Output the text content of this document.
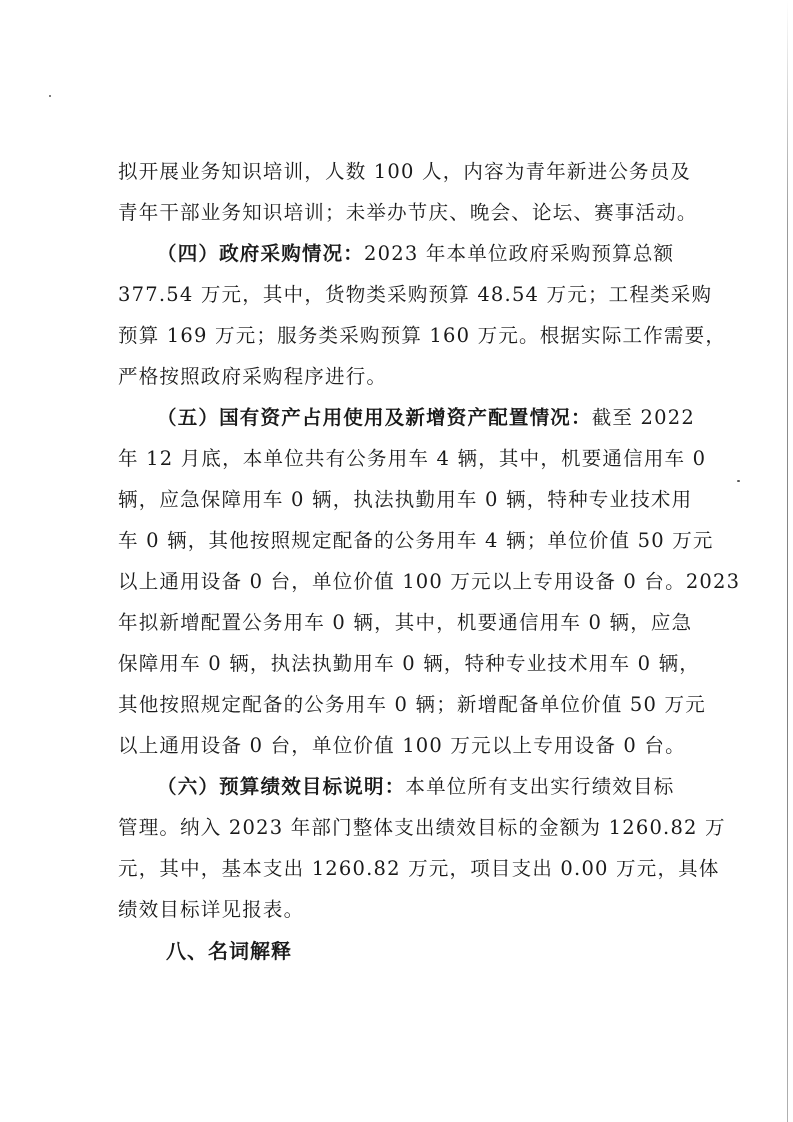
拟开展业务知识培训，人数 100 人，内容为青年新进公务员及
青年干部业务知识培训；未举办节庆、晚会、论坛、赛事活动。
（四）政府采购情况：2023 年本单位政府采购预算总额
377.54 万元，其中，货物类采购预算 48.54 万元；工程类采购
预算 169 万元；服务类采购预算 160 万元。根据实际工作需要，
严格按照政府采购程序进行。
（五）国有资产占用使用及新增资产配置情况：截至 2022
年 12 月底，本单位共有公务用车 4 辆，其中，机要通信用车 0
辆，应急保障用车 0 辆，执法执勤用车 0 辆，特种专业技术用
车 0 辆，其他按照规定配备的公务用车 4 辆；单位价值 50 万元
以上通用设备 0 台，单位价值 100 万元以上专用设备 0 台。2023
年拟新增配置公务用车 0 辆，其中，机要通信用车 0 辆，应急
保障用车 0 辆，执法执勤用车 0 辆，特种专业技术用车 0 辆，
其他按照规定配备的公务用车 0 辆；新增配备单位价值 50 万元
以上通用设备 0 台，单位价值 100 万元以上专用设备 0 台。
（六）预算绩效目标说明：本单位所有支出实行绩效目标
管理。纳入 2023 年部门整体支出绩效目标的金额为 1260.82 万
元，其中，基本支出 1260.82 万元，项目支出 0.00 万元，具体
绩效目标详见报表。
八、名词解释
